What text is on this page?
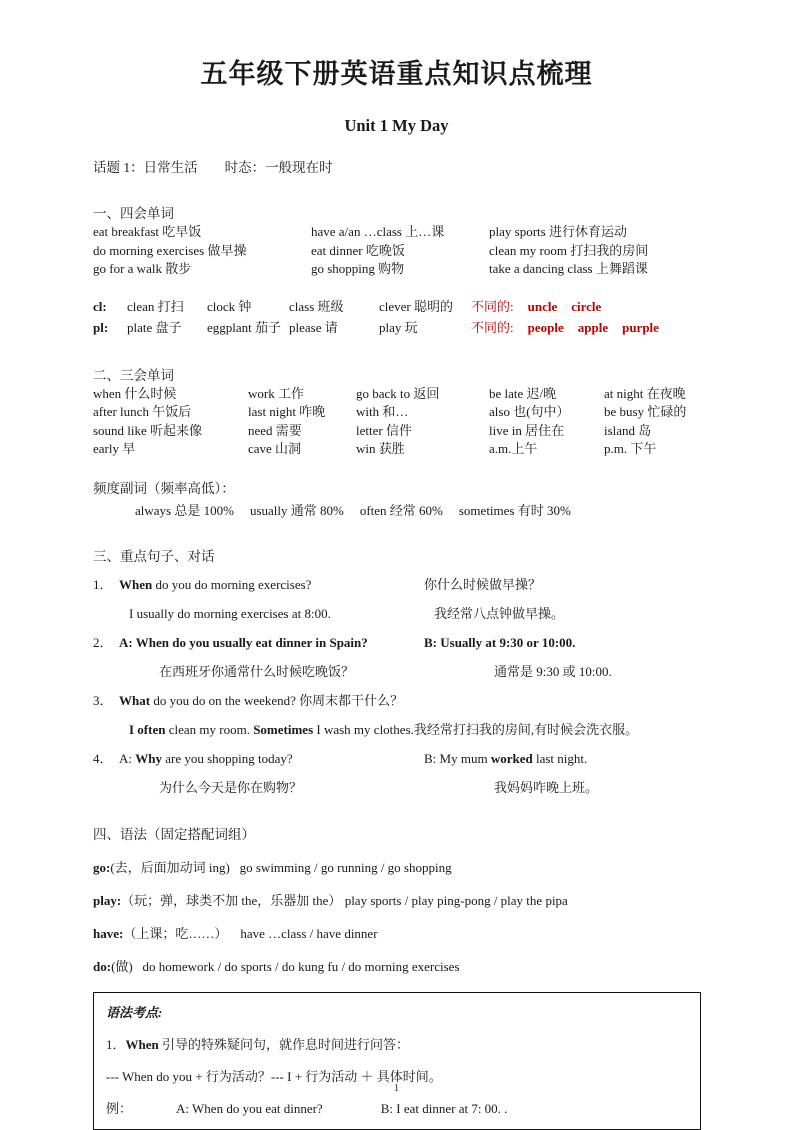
五年级下册英语重点知识点梳理
Unit 1 My Day
话题 1：日常生活        时态：一般现在时
一、四会单词
eat breakfast 吃早饭	have a/an …class 上…课	play sports 进行休育运动
do morning exercises 做早操	eat dinner 吃晚饭	clean my room 打扫我的房间
go for a walk 散步	go shopping 购物	take a dancing class 上舞蹈课
cl:	clean 打扫	clock 钟	class 班级	clever 聪明的	不同的: uncle circle
pl:	plate 盘子	eggplant 茄子 please 请	play 玩	不同的: people apple purple
二、三会单词
when 什么时候	work 工作	go back to 返回	be late 迟/晚	at night 在夜晚
after lunch 午饭后	last night 咋晚	with 和…	also 也(句中）	be busy 忙碌的
sound like 听起来像	need 需要	letter 信件	live in 居住在	island 岛
early 早	cave 山洞	win 获胜	a.m.上午	p.m. 下午
频度副词（频率高低）：
always 总是 100% usually 通常 80% often 经常 60% sometimes 有时 30%
三、重点句子、对话
1． When do you do morning exercises?	你什么时候做早操？
I usually do morning exercises at 8:00.	我经常八点钟做早操。
2． A: When do you usually eat dinner in Spain?	B: Usually at 9:30 or 10:00.
在西班牙你通常什么时候吃晚饭？	通常是 9:30 或 10:00.
3． What do you do on the weekend? 你周末都干什么？
I often clean my room. Sometimes I wash my clothes.我经常打扫我的房间,有时候会洗衣服。
4． A: Why are you shopping today?	B: My mum worked last night.
为什么今天是你在购物？	我妈妈咋晚上班。
四、语法（固定搭配词组）
go:(去，后面加动词 ing) go swimming / go running / go shopping
play:（玩；弹，球类不加 the，乐器加 the） play sports / play ping-pong / play the pipa
have:（上课；吃……） have …class / have dinner
do:(做) do homework / do sports / do kung fu / do morning exercises
语法考点:
1．When 引导的特殊疑问句，就作息时间进行问答：
--- When do you + 行为活动？--- I + 行为活动 ＋ 具体时间。
例：	A: When do you eat dinner?	B: I eat dinner at 7: 00. .
1
